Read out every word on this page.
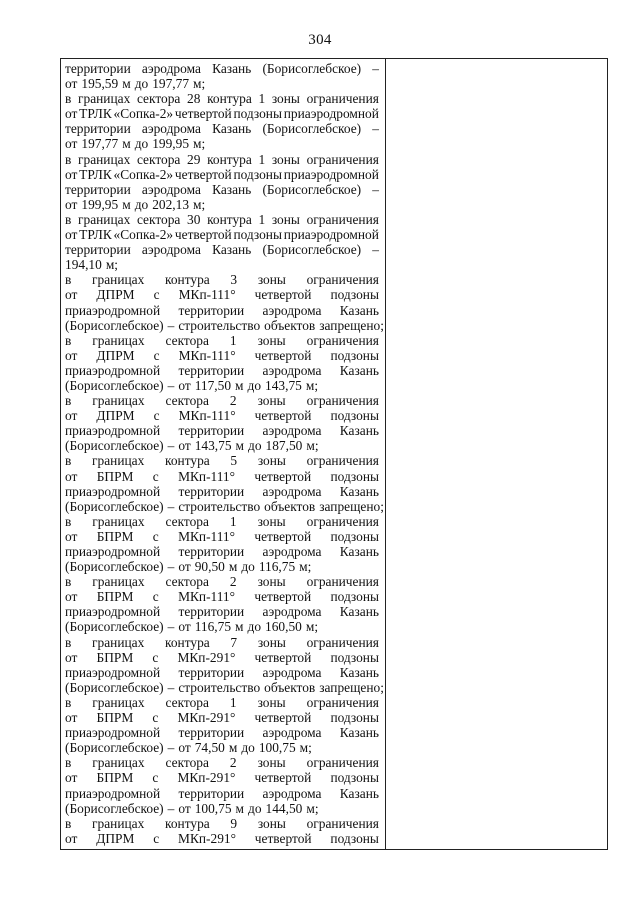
304
территории аэродрома Казань (Борисоглебское) –
от 195,59 м до 197,77 м;
в границах сектора 28 контура 1 зоны ограничения
от ТРЛК «Сопка-2» четвертой подзоны приаэродромной
территории аэродрома Казань (Борисоглебское) –
от 197,77 м до 199,95 м;
в границах сектора 29 контура 1 зоны ограничения
от ТРЛК «Сопка-2» четвертой подзоны приаэродромной
территории аэродрома Казань (Борисоглебское) –
от 199,95 м до 202,13 м;
в границах сектора 30 контура 1 зоны ограничения
от ТРЛК «Сопка-2» четвертой подзоны приаэродромной
территории аэродрома Казань (Борисоглебское) –
194,10 м;
в границах контура 3 зоны ограничения
от ДПРМ с МКп-111° четвертой подзоны
приаэродромной территории аэродрома Казань
(Борисоглебское) – строительство объектов запрещено;
в границах сектора 1 зоны ограничения
от ДПРМ с МКп-111° четвертой подзоны
приаэродромной территории аэродрома Казань
(Борисоглебское) – от 117,50 м до 143,75 м;
в границах сектора 2 зоны ограничения
от ДПРМ с МКп-111° четвертой подзоны
приаэродромной территории аэродрома Казань
(Борисоглебское) – от 143,75 м до 187,50 м;
в границах контура 5 зоны ограничения
от БПРМ с МКп-111° четвертой подзоны
приаэродромной территории аэродрома Казань
(Борисоглебское) – строительство объектов запрещено;
в границах сектора 1 зоны ограничения
от БПРМ с МКп-111° четвертой подзоны
приаэродромной территории аэродрома Казань
(Борисоглебское) – от 90,50 м до 116,75 м;
в границах сектора 2 зоны ограничения
от БПРМ с МКп-111° четвертой подзоны
приаэродромной территории аэродрома Казань
(Борисоглебское) – от 116,75 м до 160,50 м;
в границах контура 7 зоны ограничения
от БПРМ с МКп-291° четвертой подзоны
приаэродромной территории аэродрома Казань
(Борисоглебское) – строительство объектов запрещено;
в границах сектора 1 зоны ограничения
от БПРМ с МКп-291° четвертой подзоны
приаэродромной территории аэродрома Казань
(Борисоглебское) – от 74,50 м до 100,75 м;
в границах сектора 2 зоны ограничения
от БПРМ с МКп-291° четвертой подзоны
приаэродромной территории аэродрома Казань
(Борисоглебское) – от 100,75 м до 144,50 м;
в границах контура 9 зоны ограничения
от ДПРМ с МКп-291° четвертой подзоны
